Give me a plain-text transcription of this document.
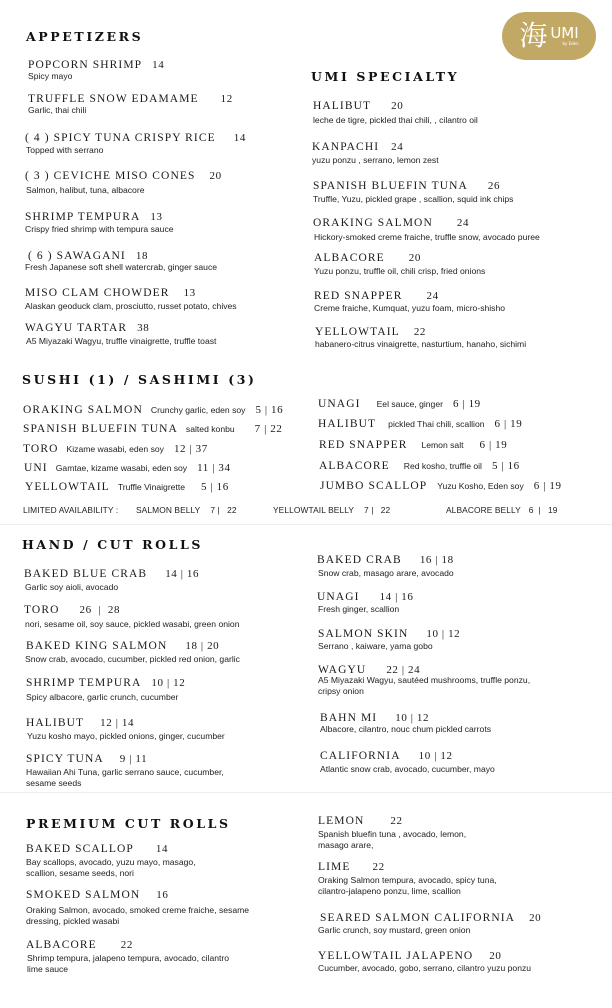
海 UMI
by Eden
APPETIZERS
POPCORN SHRIMP 14
Spicy mayo
TRUFFLE SNOW EDAMAME 12
Garlic, thai chili
( 4 ) SPICY TUNA CRISPY RICE 14
Topped with serrano
( 3 ) CEVICHE MISO CONES 20
Salmon, halibut, tuna, albacore
SHRIMP TEMPURA 13
Crispy fried shrimp with tempura sauce
( 6 ) SAWAGANI 18
Fresh Japanese soft shell watercrab, ginger sauce
MISO CLAM CHOWDER 13
Alaskan geoduck clam, prosciutto, russet potato, chives
WAGYU TARTAR 38
A5 Miyazaki Wagyu, truffle vinaigrette, truffle toast
UMI SPECIALTY
HALIBUT 20
leche de tigre, pickled thai chili, , cilantro oil
KANPACHI 24
yuzu ponzu , serrano, lemon zest
SPANISH BLUEFIN TUNA 26
Truffle, Yuzu, pickled grape , scallion, squid ink chips
ORAKING SALMON 24
Hickory-smoked creme fraiche, truffle snow, avocado puree
ALBACORE 20
Yuzu ponzu, truffle oil, chili crisp, fried onions
RED SNAPPER 24
Creme fraiche, Kumquat, yuzu foam, micro-shisho
YELLOWTAIL 22
habanero-citrus vinaigrette, nasturtium, hanaho, sichimi
SUSHI (1) / SASHIMI (3)
ORAKING SALMON Crunchy garlic, eden soy 5 | 16
SPANISH BLUEFIN TUNA salted konbu 7 | 22
TORO Kizame wasabi, eden soy 12 | 37
UNI Gamtae, kizame wasabi, eden soy 11 | 34
YELLOWTAIL Truffle Vinaigrette 5 | 16
UNAGI Eel sauce, ginger 6 | 19
HALIBUT pickled Thai chili, scallion 6 | 19
RED SNAPPER Lemon salt 6 | 19
ALBACORE Red kosho, truffle oil 5 | 16
JUMBO SCALLOP Yuzu Kosho, Eden soy 6 | 19
LIMITED AVAILABILITY : SALMON BELLY 7 |   22	YELLOWTAIL BELLY 7 |   22	ALBACORE BELLY 6  |   19
HAND / CUT ROLLS
BAKED BLUE CRAB 14 | 16
Garlic soy aioli, avocado
TORO 26  |  28
nori, sesame oil, soy sauce, pickled wasabi, green onion
BAKED KING SALMON 18 | 20
Snow crab, avocado, cucumber, pickled red onion, garlic
SHRIMP TEMPURA 10 | 12
Spicy albacore, garlic crunch, cucumber
HALIBUT 12 | 14
Yuzu kosho mayo, pickled onions, ginger, cucumber
SPICY TUNA 9 | 11
Hawaiian Ahi Tuna, garlic serrano sauce, cucumber, sesame seeds
BAKED CRAB 16 | 18
Snow crab, masago arare, avocado
UNAGI 14 | 16
Fresh ginger, scallion
SALMON SKIN 10 | 12
Serrano , kaiware, yama gobo
WAGYU 22 | 24
A5 Miyazaki Wagyu, sautéed mushrooms, truffle ponzu, cripsy onion
BAHN MI 10 | 12
Albacore, cilantro, nouc chum pickled carrots
CALIFORNIA 10 | 12
Atlantic snow crab, avocado, cucumber, mayo
PREMIUM CUT ROLLS
BAKED SCALLOP 14
Bay scallops, avocado, yuzu mayo, masago, scallion, sesame seeds, nori
SMOKED SALMON 16
Oraking Salmon, avocado, smoked creme fraiche, sesame dressing, pickled wasabi
ALBACORE 22
Shrimp tempura, jalapeno tempura, avocado, cilantro lime sauce
LEMON 22
Spanish bluefin tuna , avocado, lemon, masago arare,
LIME 22
Oraking Salmon tempura, avocado, spicy tuna, cilantro-jalapeno ponzu, lime, scallion
SEARED SALMON CALIFORNIA 20
Garlic crunch, soy mustard, green onion
YELLOWTAIL JALAPENO 20
Cucumber, avocado, gobo, serrano, cilantro yuzu ponzu
